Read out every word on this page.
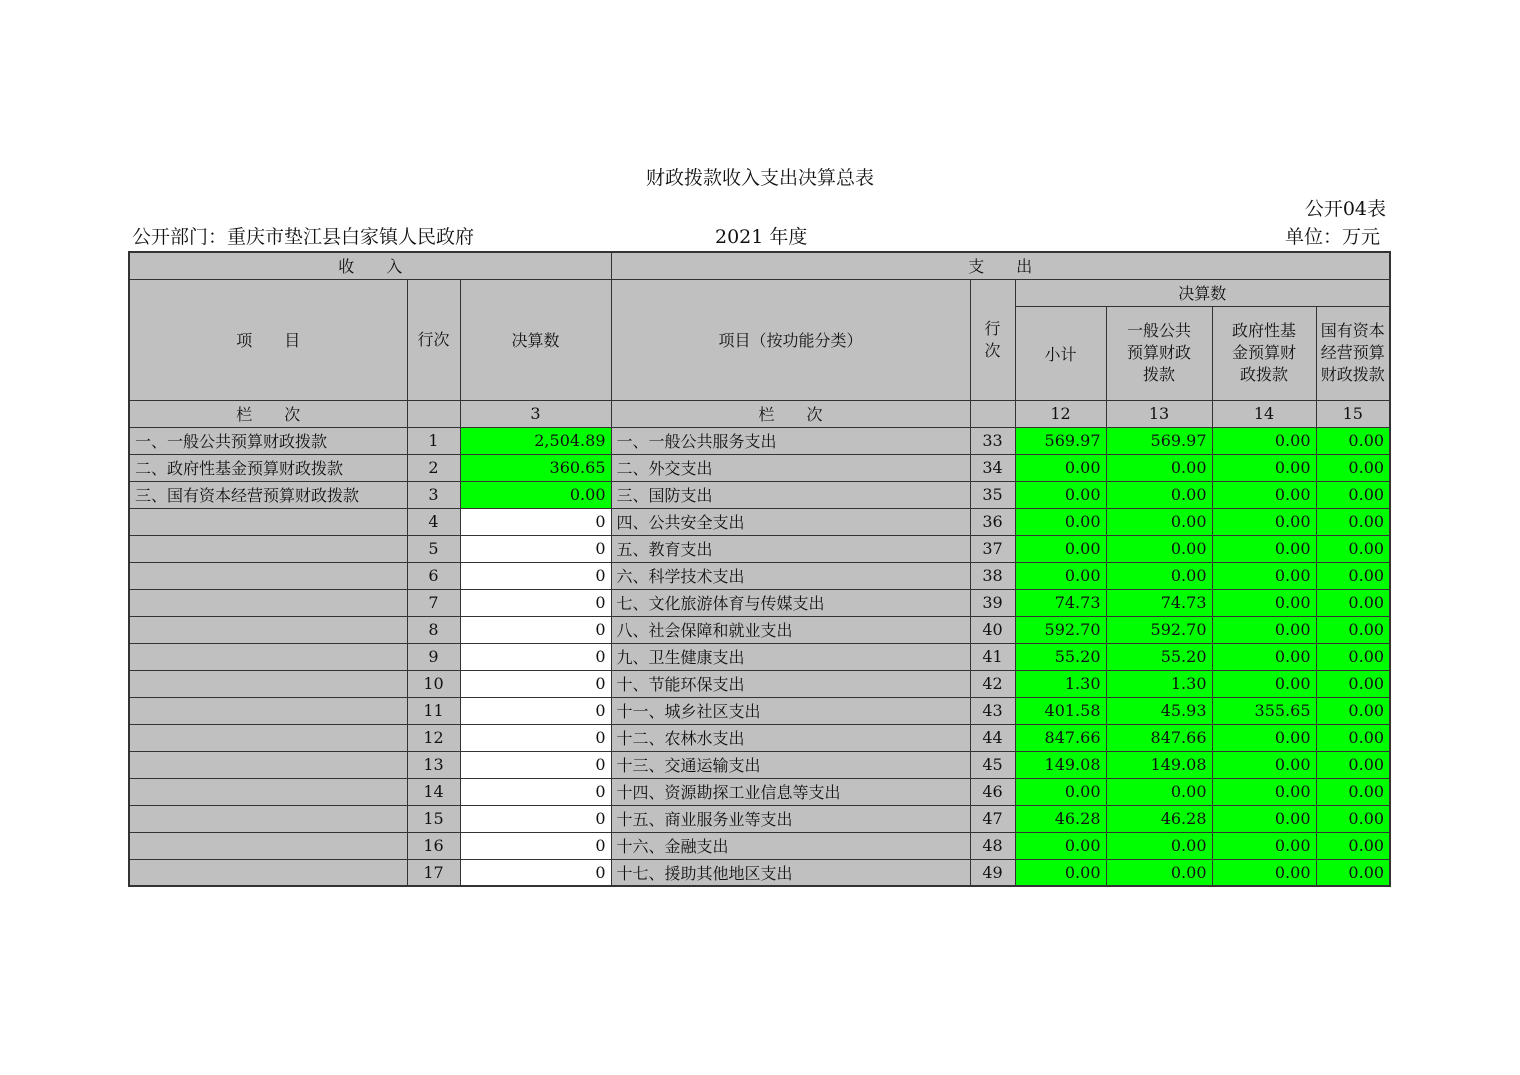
财政拨款收入支出决算总表
公开04表
公开部门：重庆市垫江县白家镇人民政府	2021 年度	单位：万元
收　　入			支　　出					
项　　目	行次	决算数	项目（按功能分类）	行次	决算数			
					小计	一般公共预算财政拨款	政府性基金预算财政拨款	国有资本经营预算财政拨款
栏　　次		3	栏　　次		12	13	14	15
一、一般公共预算财政拨款	1	2,504.89	一、一般公共服务支出	33	569.97	569.97	0.00	0.00
二、政府性基金预算财政拨款	2	360.65	二、外交支出	34	0.00	0.00	0.00	0.00
三、国有资本经营预算财政拨款	3	0.00	三、国防支出	35	0.00	0.00	0.00	0.00
	4	0	四、公共安全支出	36	0.00	0.00	0.00	0.00
	5	0	五、教育支出	37	0.00	0.00	0.00	0.00
	6	0	六、科学技术支出	38	0.00	0.00	0.00	0.00
	7	0	七、文化旅游体育与传媒支出	39	74.73	74.73	0.00	0.00
	8	0	八、社会保障和就业支出	40	592.70	592.70	0.00	0.00
	9	0	九、卫生健康支出	41	55.20	55.20	0.00	0.00
	10	0	十、节能环保支出	42	1.30	1.30	0.00	0.00
	11	0	十一、城乡社区支出	43	401.58	45.93	355.65	0.00
	12	0	十二、农林水支出	44	847.66	847.66	0.00	0.00
	13	0	十三、交通运输支出	45	149.08	149.08	0.00	0.00
	14	0	十四、资源勘探工业信息等支出	46	0.00	0.00	0.00	0.00
	15	0	十五、商业服务业等支出	47	46.28	46.28	0.00	0.00
	16	0	十六、金融支出	48	0.00	0.00	0.00	0.00
	17	0	十七、援助其他地区支出	49	0.00	0.00	0.00	0.00
